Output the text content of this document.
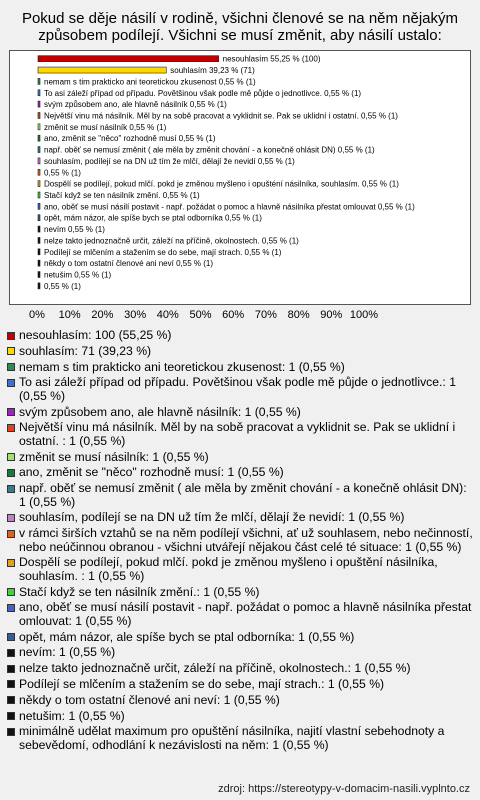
Pokud se děje násilí v rodině, všichni členové se na něm nějakým
způsobem podílejí. Všichni se musí změnit, aby násilí ustalo:
nesouhlasím 55,25 % (100)
souhlasím 39,23 % (71)
nemam s tim prakticko ani teoretickou zkusenost 0,55 % (1)
To asi záleží případ od případu. Povětšinou však podle mě půjde o jednotlivce. 0,55 % (1)
svým způsobem ano, ale hlavně násilník 0,55 % (1)
Největší vinu má násilník. Měl by na sobě pracovat a vyklidnit se. Pak se uklidní i ostatní. 0,55 % (1)
změnit se musí násilník 0,55 % (1)
ano, změnit se "něco" rozhodně musí 0,55 % (1)
např. oběť se nemusí změnit ( ale měla by změnit chování - a konečně ohlásit DN) 0,55 % (1)
souhlasím, podílejí se na DN už tím že mlčí, dělají že nevidí 0,55 % (1)
0,55 % (1)
Dospělí se podílejí, pokud mlčí. pokd je změnou myšleno i opušténí násilníka, souhlasím. 0,55 % (1)
Stačí když se ten násilník změní. 0,55 % (1)
ano, oběť se musí násilí postavit - např. požádat o pomoc a hlavně násilníka přestat omlouvat 0,55 % (1)
opět, mám názor, ale spíše bych se ptal odborníka 0,55 % (1)
nevím 0,55 % (1)
nelze takto jednoznačně určit, záleží na příčině, okolnostech. 0,55 % (1)
Podílejí se mlčením a stažením se do sebe, mají strach. 0,55 % (1)
někdy o tom ostatní členové ani neví 0,55 % (1)
netušim 0,55 % (1)
0,55 % (1)
nesouhlasím: 100 (55,25 %)
souhlasím: 71 (39,23 %)
nemam s tim prakticko ani teoretickou zkusenost: 1 (0,55 %)
To asi záleží případ od případu. Povětšinou však podle mě půjde o jednotlivce.: 1 (0,55 %)
svým způsobem ano, ale hlavně násilník: 1 (0,55 %)
Největší vinu má násilník. Měl by na sobě pracovat a vyklidnit se. Pak se uklidní i ostatní. : 1 (0,55 %)
změnit se musí násilník: 1 (0,55 %)
ano, změnit se "něco" rozhodně musí: 1 (0,55 %)
např. oběť se nemusí změnit ( ale měla by změnit chování - a konečně ohlásit DN): 1 (0,55 %)
souhlasím, podílejí se na DN už tím že mlčí, dělají že nevidí: 1 (0,55 %)
v rámci širších vztahů se na něm podílejí všichni, ať už souhlasem, nebo nečinností, nebo neúčinnou obranou - všichni utvářejí nějakou část celé té situace: 1 (0,55 %)
Dospělí se podílejí, pokud mlčí. pokd je změnou myšleno i opuštění násilníka, souhlasím. : 1 (0,55 %)
Stačí když se ten násilník změní.: 1 (0,55 %)
ano, oběť se musí násilí postavit - např. požádat o pomoc a hlavně násilníka přestat omlouvat: 1 (0,55 %)
opět, mám názor, ale spíše bych se ptal odborníka: 1 (0,55 %)
nevím: 1 (0,55 %)
nelze takto jednoznačně určit, záleží na příčině, okolnostech.: 1 (0,55 %)
Podílejí se mlčením a stažením se do sebe, mají strach.: 1 (0,55 %)
někdy o tom ostatní členové ani neví: 1 (0,55 %)
netušim: 1 (0,55 %)
minimálně udělat maximum pro opuštění násilníka, najití vlastní sebehodnoty a sebevědomí, odhodlání k nezávislosti na něm: 1 (0,55 %)
zdroj: https://stereotypy-v-domacim-nasili.vyplnto.cz
0%	10% 20% 30% 40% 50% 60% 70% 80% 90% 100%
